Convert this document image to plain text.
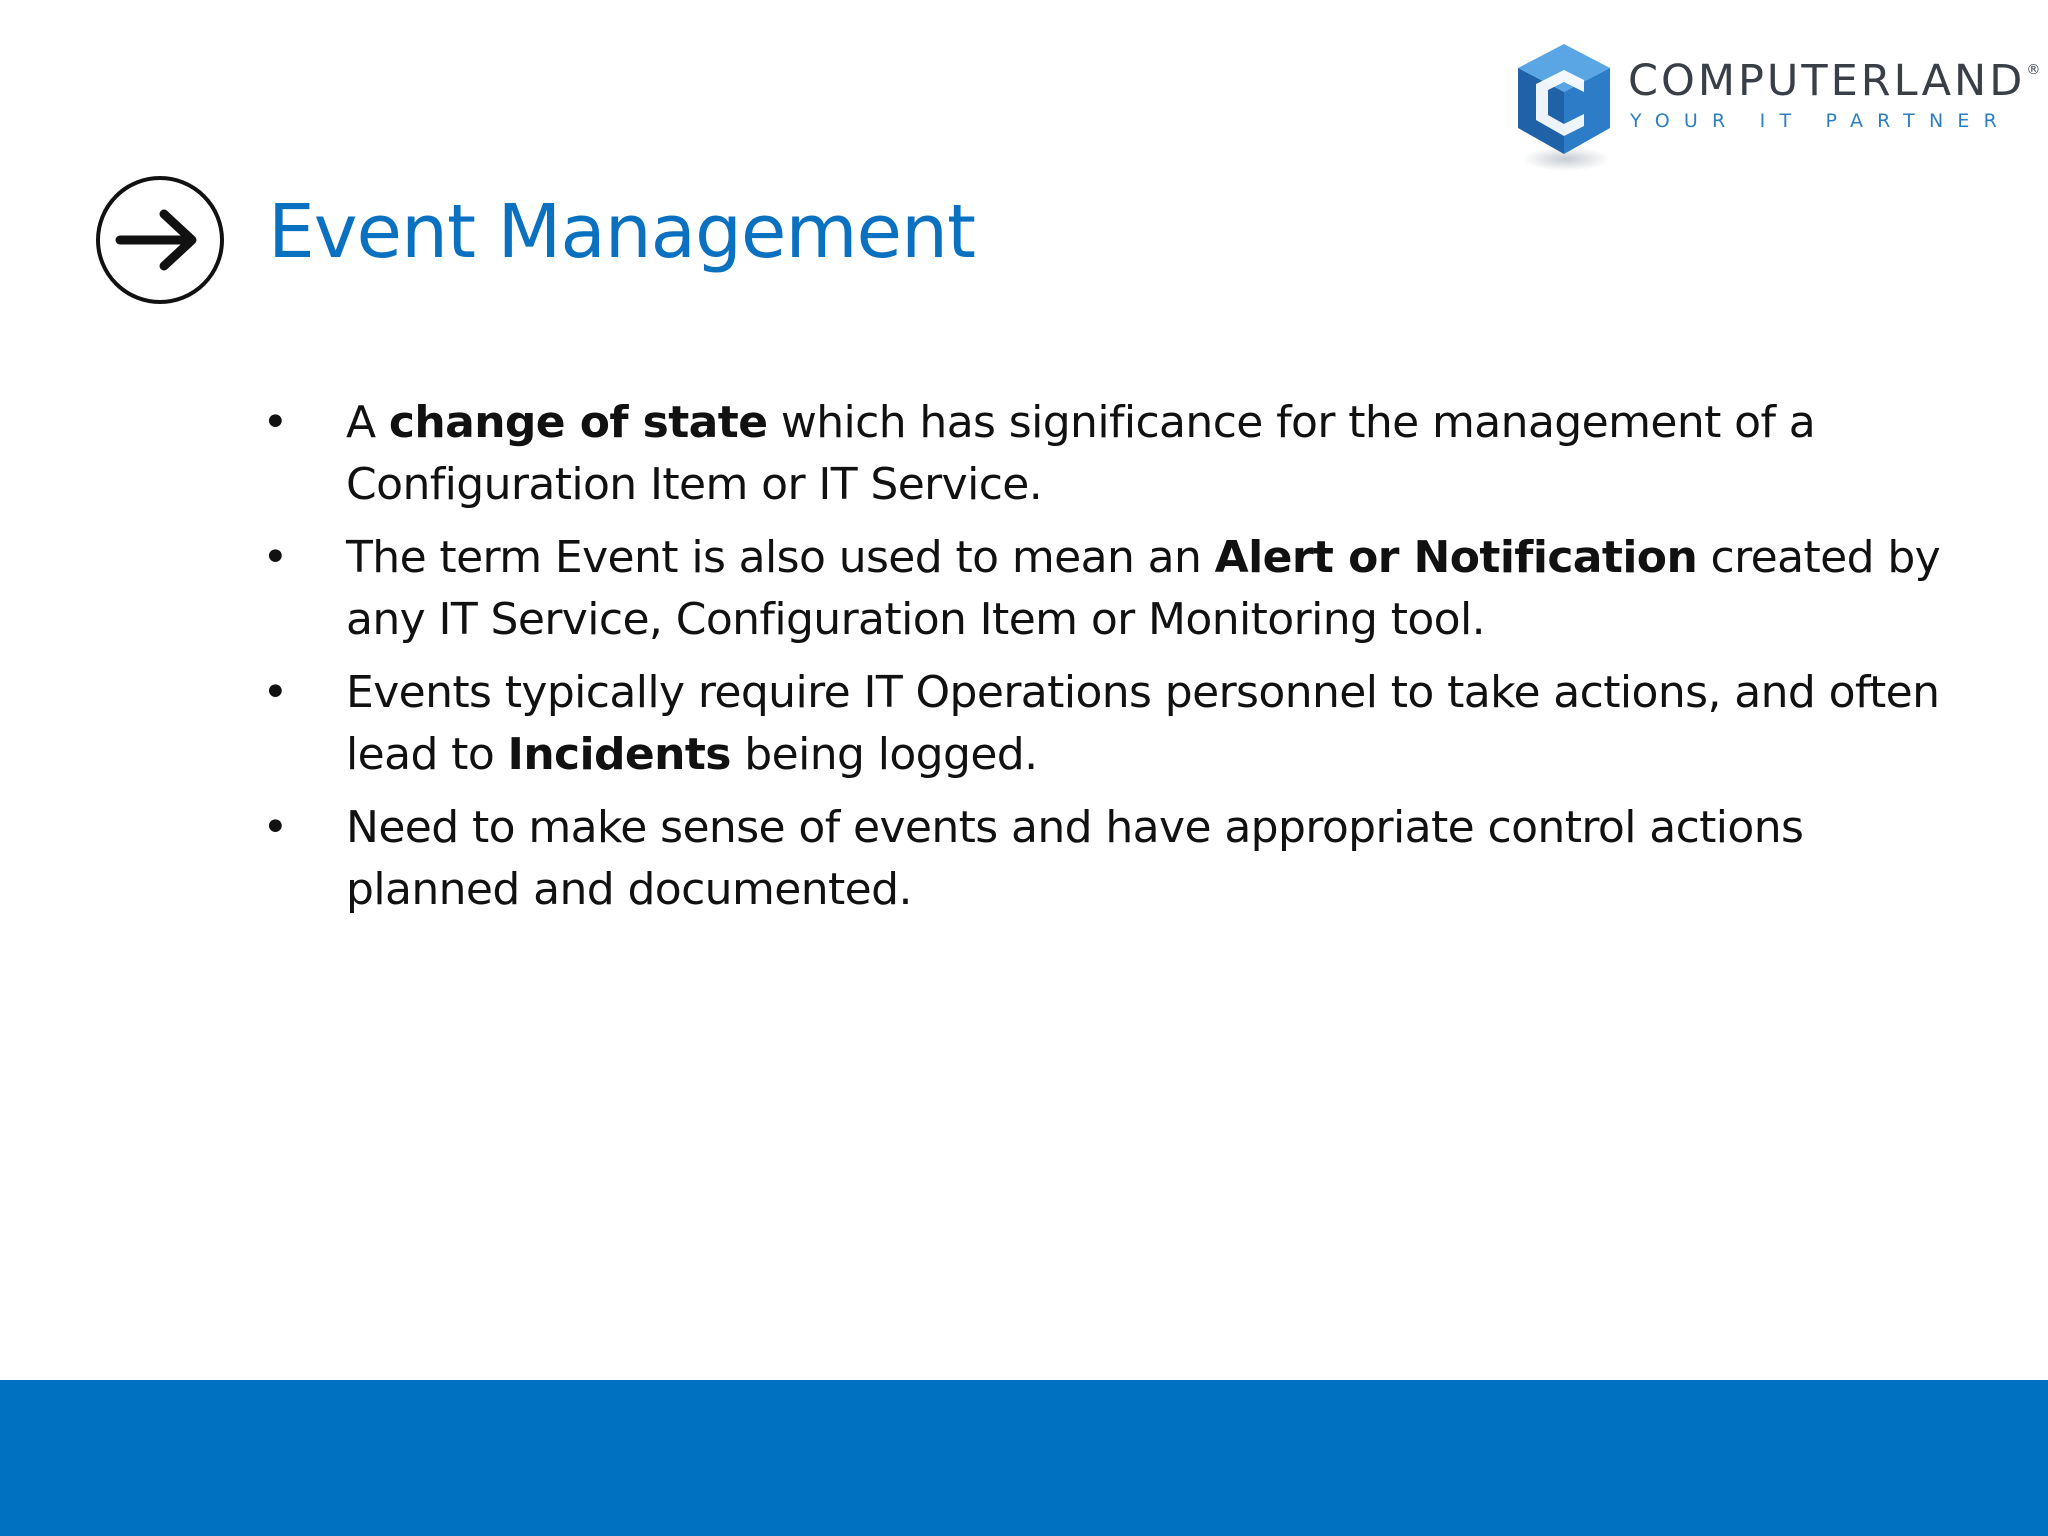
COMPUTERLAND®
YOUR IT PARTNER
Event Management
• A change of state which has significance for the management of a Configuration Item or IT Service.
• The term Event is also used to mean an Alert or Notification created by any IT Service, Configuration Item or Monitoring tool.
• Events typically require IT Operations personnel to take actions, and often lead to Incidents being logged.
• Need to make sense of events and have appropriate control actions planned and documented.
